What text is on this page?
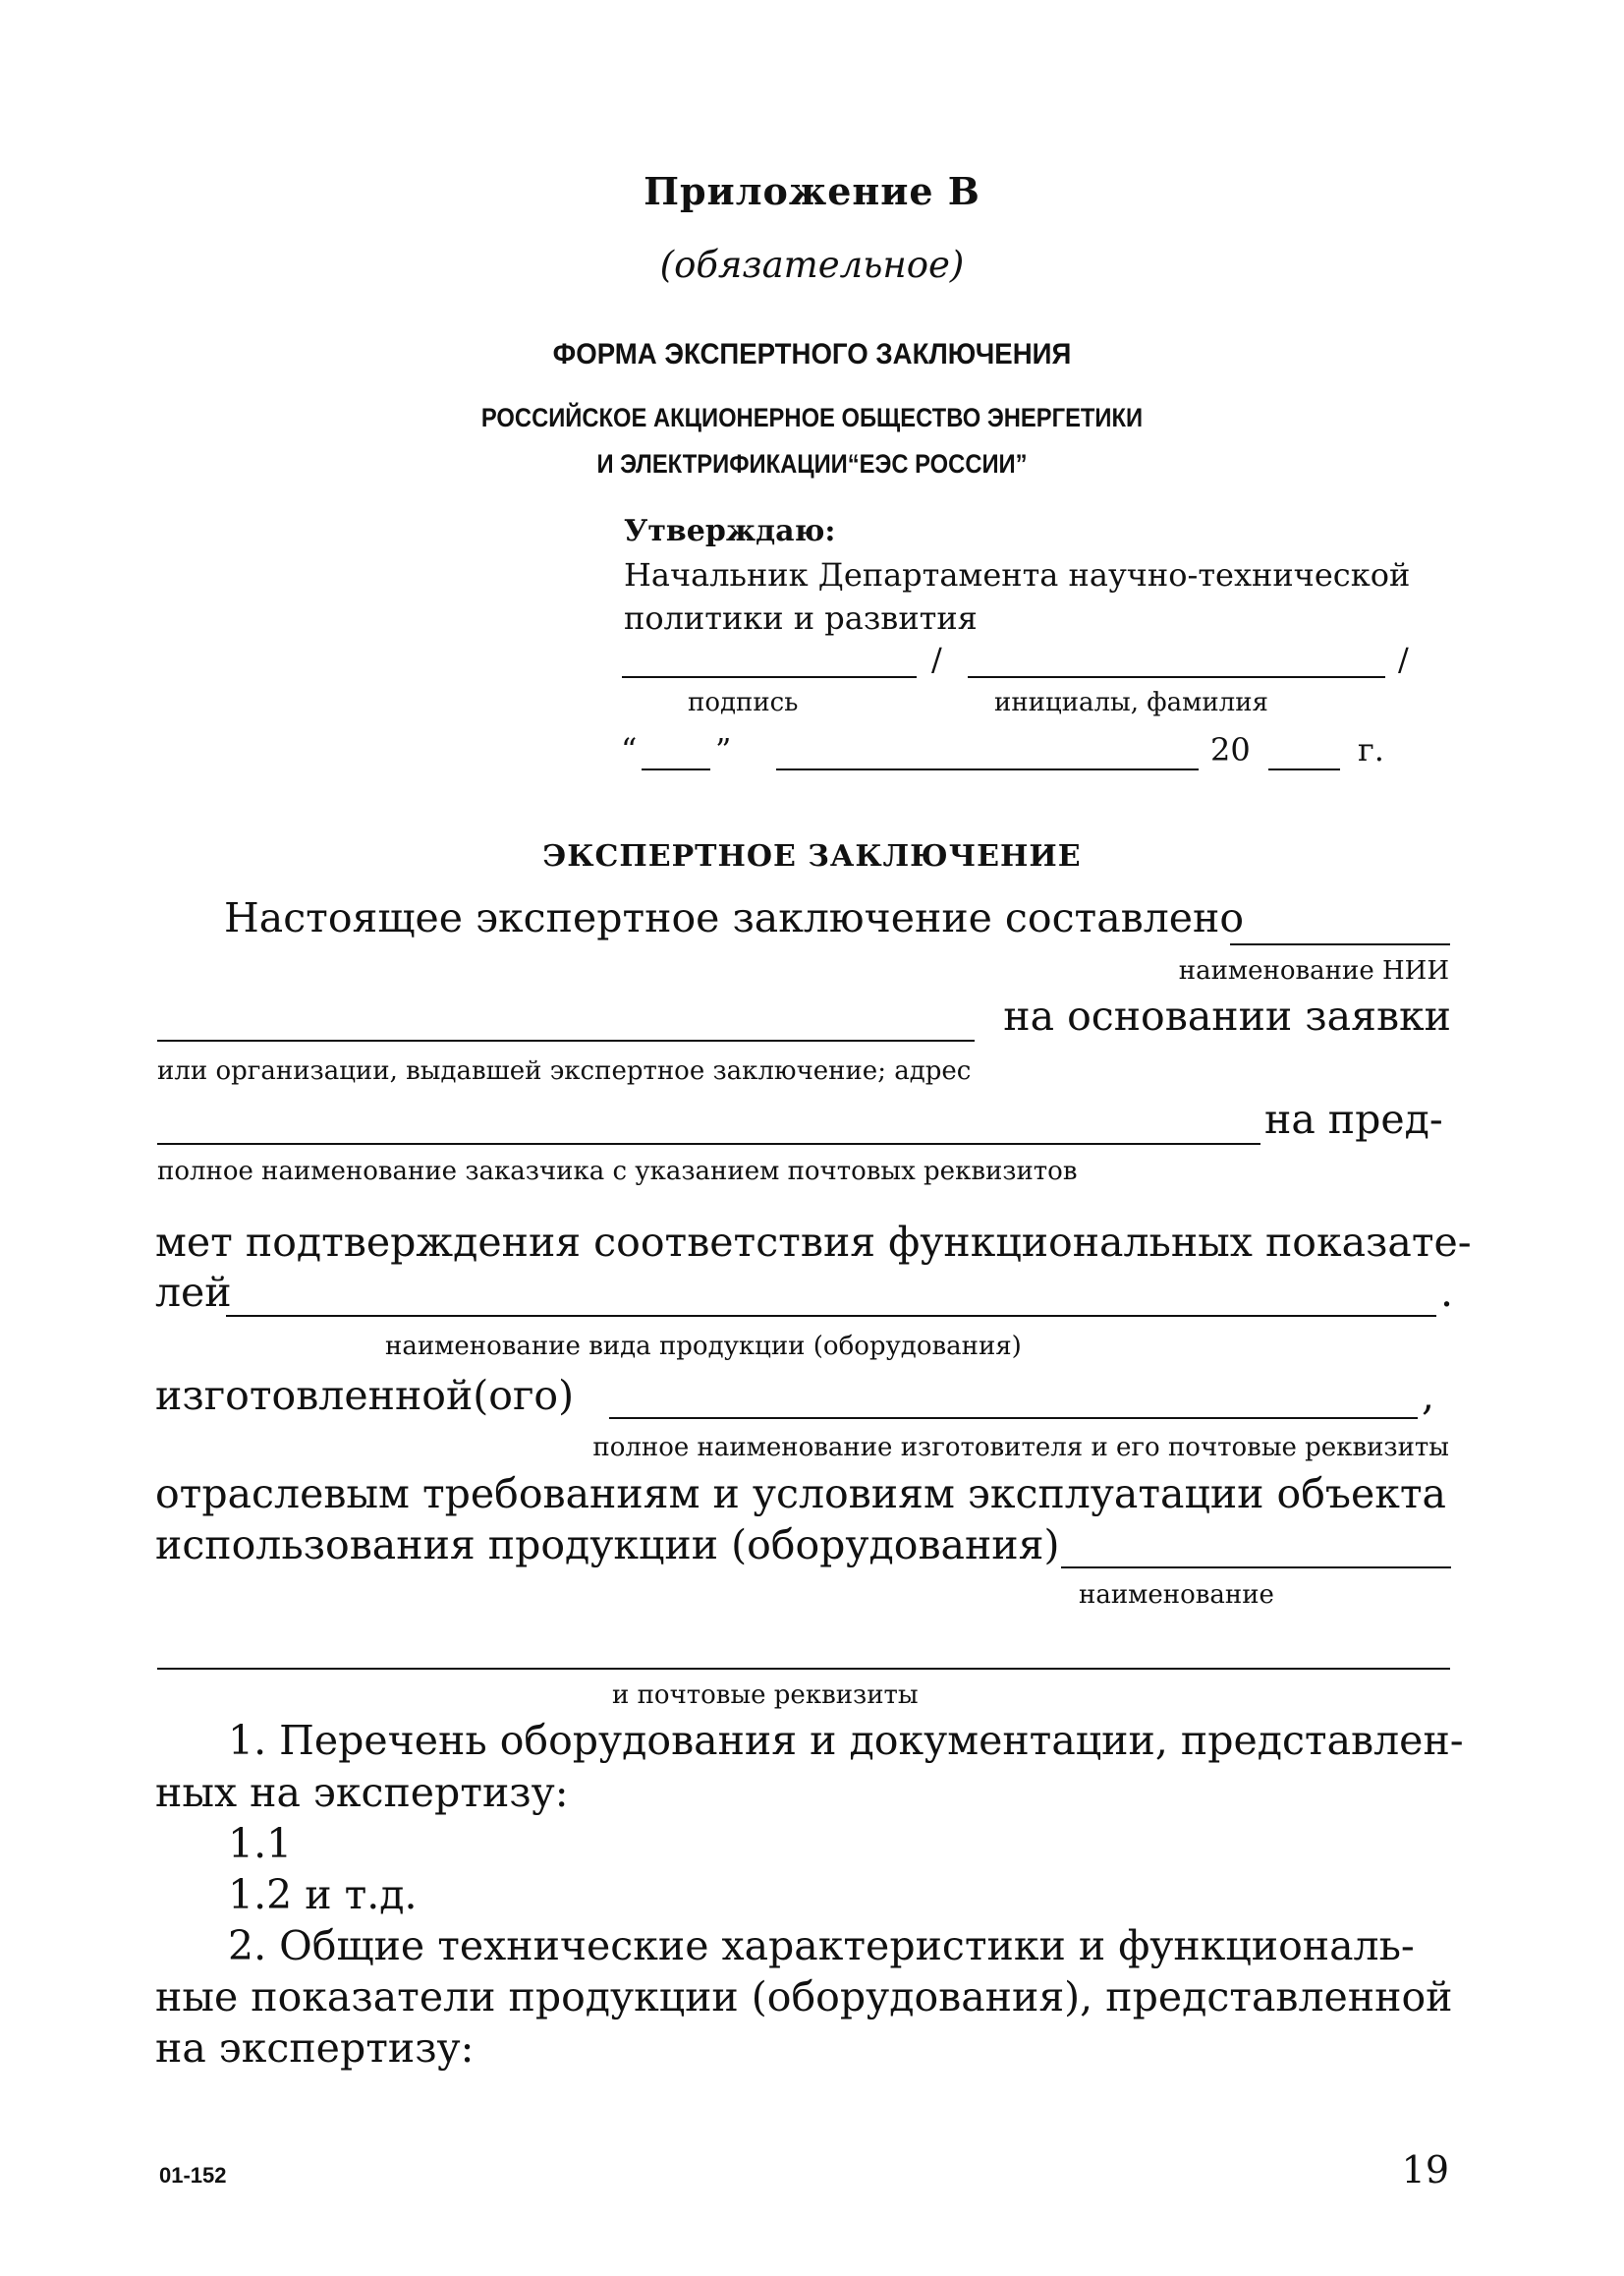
Приложение В
(обязательное)
ФОРМА ЭКСПЕРТНОГО ЗАКЛЮЧЕНИЯ
РОССИЙСКОЕ АКЦИОНЕРНОЕ ОБЩЕСТВО ЭНЕРГЕТИКИ
И ЭЛЕКТРИФИКАЦИИ“ЕЭС РОССИИ”
Утверждаю:
Начальник Департамента научно-технической
политики и развития
/	/
подпись	инициалы, фамилия
“ ”	20	г.
ЭКСПЕРТНОЕ ЗАКЛЮЧЕНИЕ
Настоящее экспертное заключение составлено
наименование НИИ
на основании заявки
или организации, выдавшей экспертное заключение; адрес
на пред-
полное наименование заказчика с указанием почтовых реквизитов
мет подтверждения соответствия функциональных показате-
лей	.
наименование вида продукции (оборудования)
изготовленной(ого)	,
полное наименование изготовителя и его почтовые реквизиты
отраслевым требованиям и условиям эксплуатации объекта
использования продукции (оборудования)
наименование
и почтовые реквизиты
1. Перечень оборудования и документации, представлен-
ных на экспертизу:
1.1
1.2 и т.д.
2. Общие технические характеристики и функциональ-
ные показатели продукции (оборудования), представленной
на экспертизу:
01-152	19
